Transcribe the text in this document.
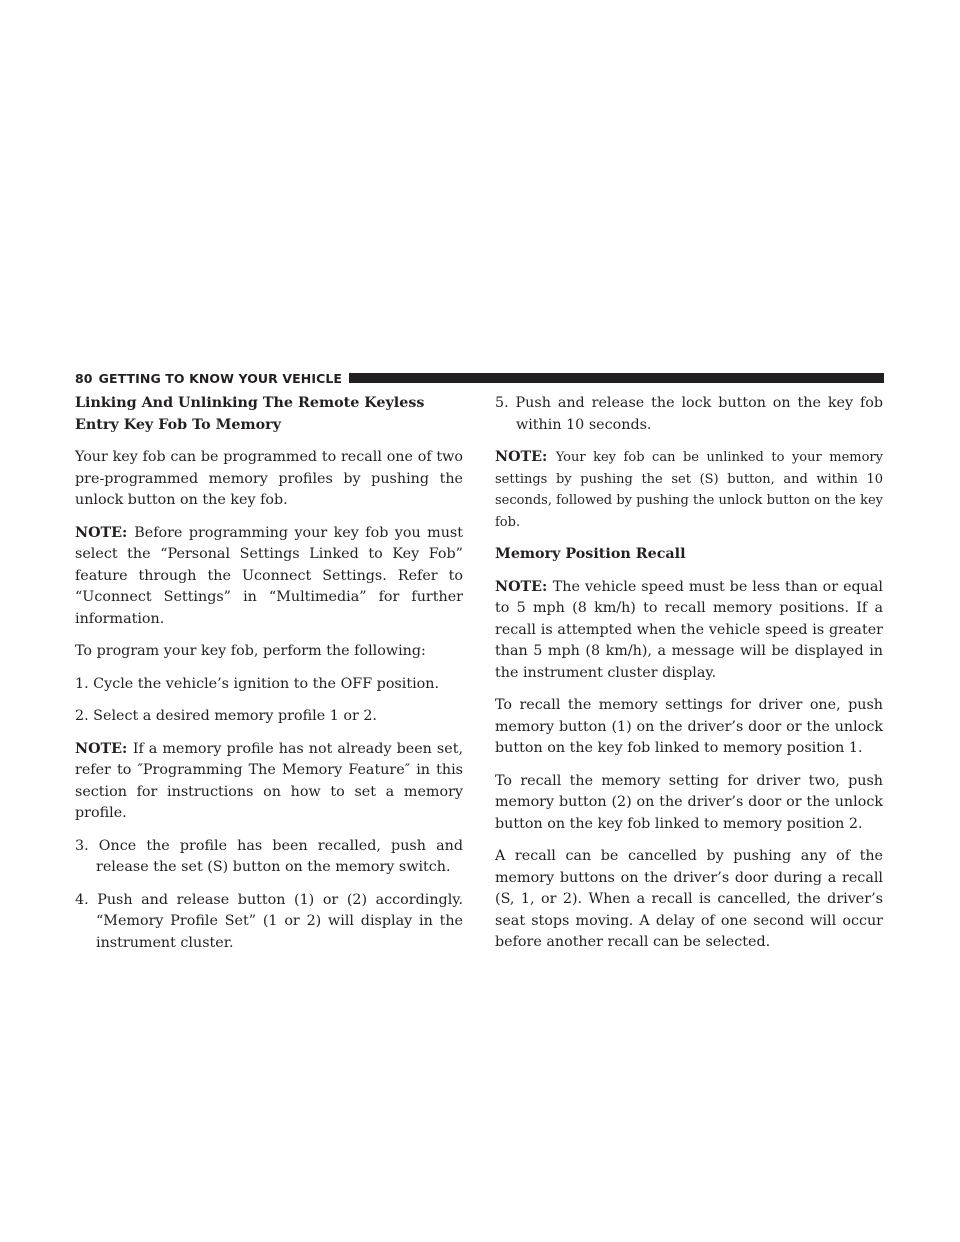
80 GETTING TO KNOW YOUR VEHICLE
Linking And Unlinking The Remote Keyless Entry Key Fob To Memory

Your key fob can be programmed to recall one of two pre-programmed memory profiles by pushing the unlock button on the key fob.

NOTE: Before programming your key fob you must select the “Personal Settings Linked to Key Fob” feature through the Uconnect Settings. Refer to “Uconnect Settings” in “Multimedia” for further information.

To program your key fob, perform the following:

1. Cycle the vehicle’s ignition to the OFF position.

2. Select a desired memory profile 1 or 2.

NOTE: If a memory profile has not already been set, refer to ″Programming The Memory Feature″ in this section for instructions on how to set a memory profile.

3. Once the profile has been recalled, push and release the set (S) button on the memory switch.

4. Push and release button (1) or (2) accordingly. “Memory Profile Set” (1 or 2) will display in the instrument cluster.

5. Push and release the lock button on the key fob within 10 seconds.

NOTE: Your key fob can be unlinked to your memory settings by pushing the set (S) button, and within 10 seconds, followed by pushing the unlock button on the key fob.

Memory Position Recall

NOTE: The vehicle speed must be less than or equal to 5 mph (8 km/h) to recall memory positions. If a recall is attempted when the vehicle speed is greater than 5 mph (8 km/h), a message will be displayed in the instrument cluster display.

To recall the memory settings for driver one, push memory button (1) on the driver’s door or the unlock button on the key fob linked to memory position 1.

To recall the memory setting for driver two, push memory button (2) on the driver’s door or the unlock button on the key fob linked to memory position 2.

A recall can be cancelled by pushing any of the memory buttons on the driver’s door during a recall (S, 1, or 2). When a recall is cancelled, the driver’s seat stops moving. A delay of one second will occur before another recall can be selected.
